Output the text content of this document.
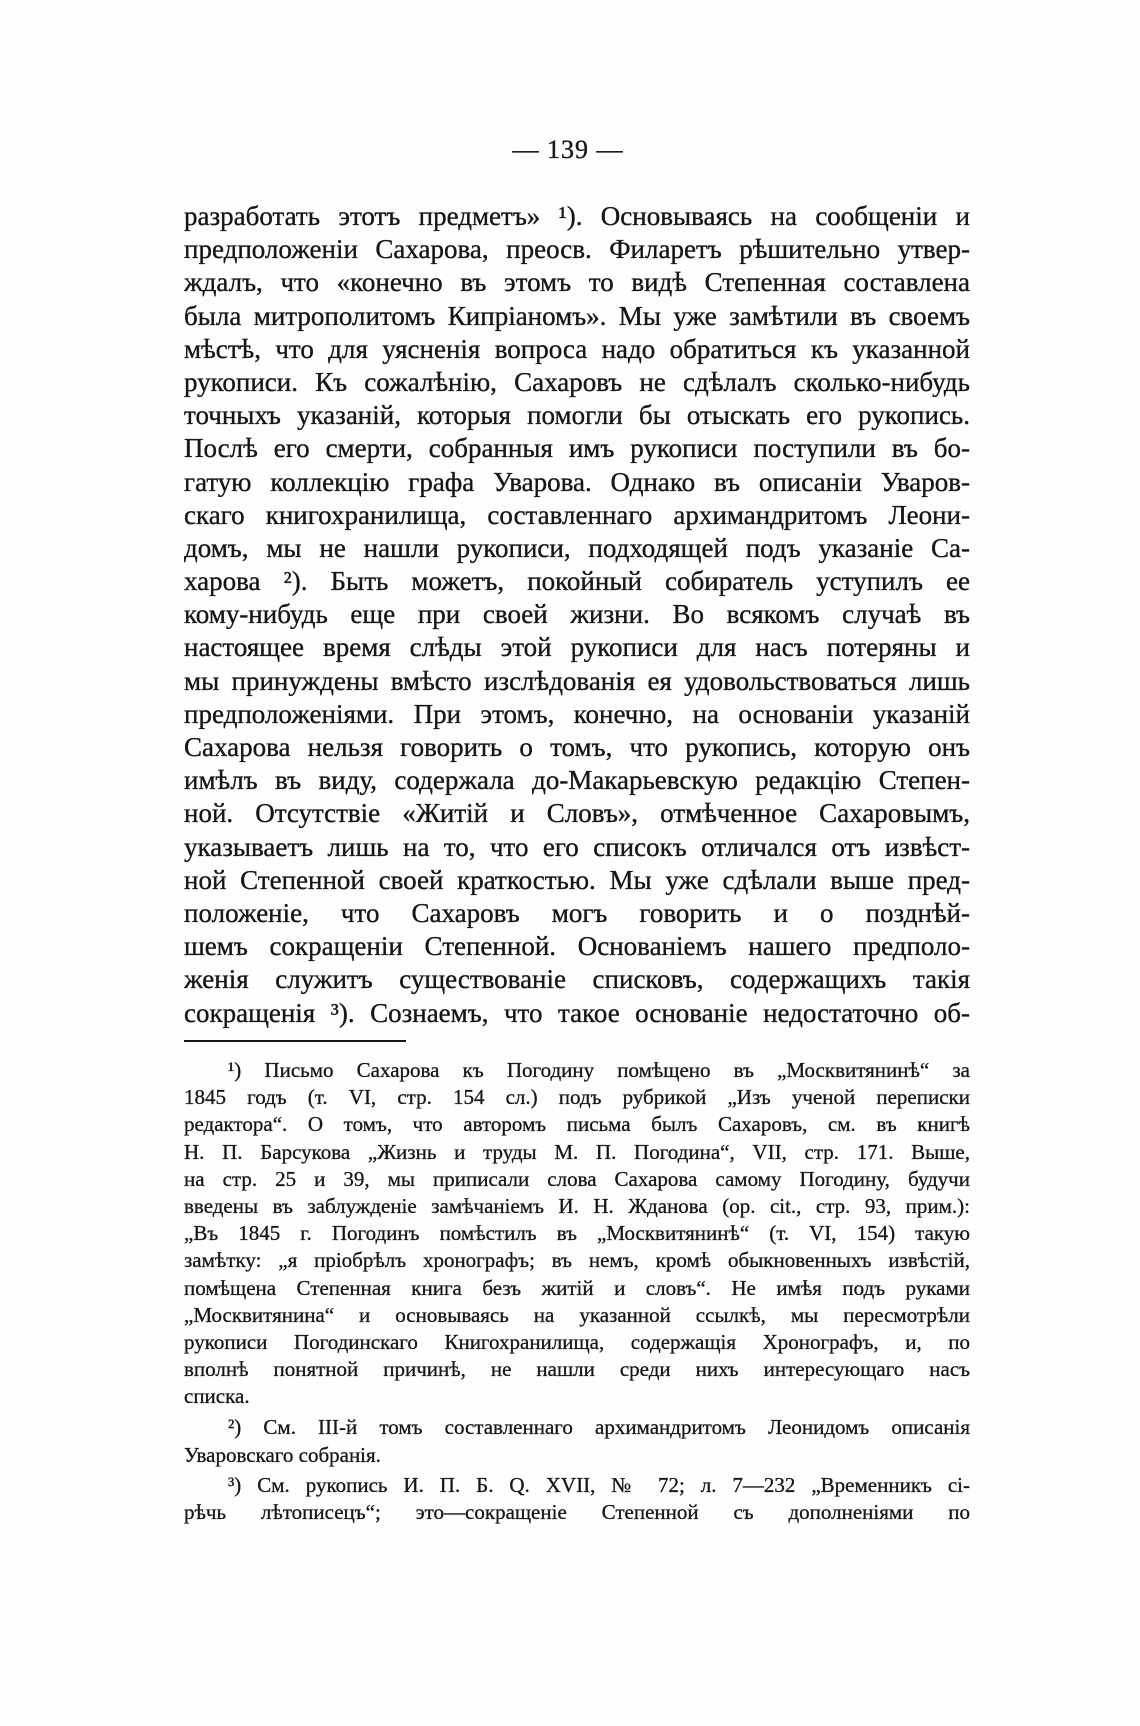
— 139 —
разработать этотъ предметъ» ¹). Основываясь на сообщеніи и
предположеніи Сахарова, преосв. Филаретъ рѣшительно утвер-
ждалъ, что «конечно въ этомъ то видѣ Степенная составлена
была митрополитомъ Кипріаномъ». Мы уже замѣтили въ своемъ
мѣстѣ, что для уясненія вопроса надо обратиться къ указанной
рукописи. Къ сожалѣнію, Сахаровъ не сдѣлалъ сколько-нибудь
точныхъ указаній, которыя помогли бы отыскать его рукопись.
Послѣ его смерти, собранныя имъ рукописи поступили въ бо-
гатую коллекцію графа Уварова. Однако въ описаніи Уваров-
скаго книгохранилища, составленнаго архимандритомъ Леони-
домъ, мы не нашли рукописи, подходящей подъ указаніе Са-
харова ²). Быть можетъ, покойный собиратель уступилъ ее
кому-нибудь еще при своей жизни. Во всякомъ случаѣ въ
настоящее время слѣды этой рукописи для насъ потеряны и
мы принуждены вмѣсто изслѣдованія ея удовольствоваться лишь
предположеніями. При этомъ, конечно, на основаніи указаній
Сахарова нельзя говорить о томъ, что рукопись, которую онъ
имѣлъ въ виду, содержала до-Макарьевскую редакцію Степен-
ной. Отсутствіе «Житій и Словъ», отмѣченное Сахаровымъ,
указываетъ лишь на то, что его списокъ отличался отъ извѣст-
ной Степенной своей краткостью. Мы уже сдѣлали выше пред-
положеніе, что Сахаровъ могъ говорить и о позднѣй-
шемъ сокращеніи Степенной. Основаніемъ нашего предполо-
женія служитъ существованіе списковъ, содержащихъ такія
сокращенія ³). Сознаемъ, что такое основаніе недостаточно об-
¹) Письмо Сахарова къ Погодину помѣщено въ „Москвитянинѣ“ за
1845 годъ (т. VI, стр. 154 сл.) подъ рубрикой „Изъ ученой переписки
редактора“. О томъ, что авторомъ письма былъ Сахаровъ, см. въ книгѣ
Н. П. Барсукова „Жизнь и труды М. П. Погодина“, VII, стр. 171. Выше,
на стр. 25 и 39, мы приписали слова Сахарова самому Погодину, будучи
введены въ заблужденіе замѣчаніемъ И. Н. Жданова (ор. cit., стр. 93, прим.):
„Въ 1845 г. Погодинъ помѣстилъ въ „Москвитянинѣ“ (т. VI, 154) такую
замѣтку: „я пріобрѣлъ хронографъ; въ немъ, кромѣ обыкновенныхъ извѣстій,
помѣщена Степенная книга безъ житій и словъ“. Не имѣя подъ руками
„Москвитянина“ и основываясь на указанной ссылкѣ, мы пересмотрѣли
рукописи Погодинскаго Книгохранилища, содержащія Хронографъ, и, по
вполнѣ понятной причинѣ, не нашли среди нихъ интересующаго насъ
списка.
²) См. III-й томъ составленнаго архимандритомъ Леонидомъ описанія
Уваровскаго собранія.
³) См. рукопись И. П. Б. Q. XVII, № 72; л. 7—232 „Временникъ сі-
рѣчь лѣтописецъ“; это—сокращеніе Степенной съ дополненіями по
